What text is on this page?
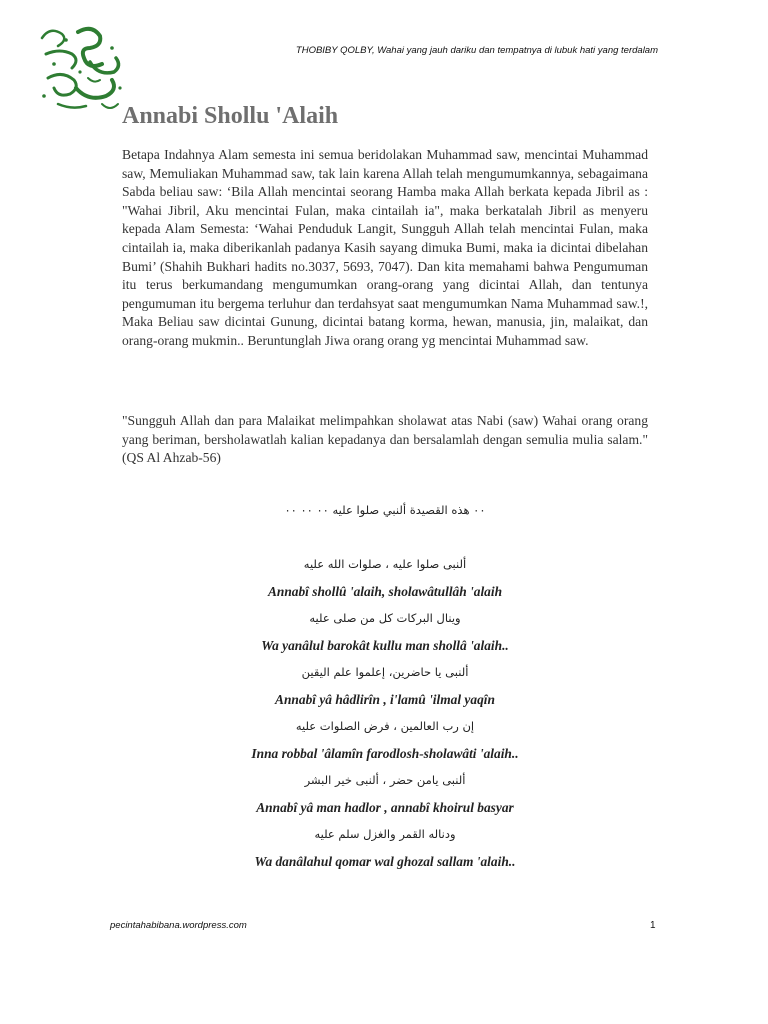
THOBIBY QOLBY, Wahai yang jauh dariku dan tempatnya di lubuk hati yang terdalam
Annabi Shollu 'Alaih
Betapa Indahnya Alam semesta ini semua beridolakan Muhammad saw, mencintai Muhammad saw, Memuliakan Muhammad saw, tak lain karena Allah telah mengumumkannya, sebagaimana Sabda beliau saw: ‘Bila Allah mencintai seorang Hamba maka Allah berkata kepada Jibril as : "Wahai Jibril, Aku mencintai Fulan, maka cintailah ia", maka berkatalah Jibril as menyeru kepada Alam Semesta: ‘Wahai Penduduk Langit, Sungguh Allah telah mencintai Fulan, maka cintailah ia, maka diberikanlah padanya Kasih sayang dimuka Bumi, maka ia dicintai dibelahan Bumi’ (Shahih Bukhari hadits no.3037, 5693, 7047). Dan kita memahami bahwa Pengumuman itu terus berkumandang mengumumkan orang-orang yang dicintai Allah, dan tentunya pengumuman itu bergema terluhur dan terdahsyat saat mengumumkan Nama Muhammad saw.!, Maka Beliau saw dicintai Gunung, dicintai batang korma, hewan, manusia, jin, malaikat, dan orang-orang mukmin.. Beruntunglah Jiwa orang orang yg mencintai Muhammad saw.
"Sungguh Allah dan para Malaikat melimpahkan sholawat atas Nabi (saw) Wahai orang orang yang beriman, bersholawatlah kalian kepadanya dan bersalamlah dengan semulia mulia salam." (QS Al Ahzab-56)
٠٠ هذه القصيدة ألنبي صلوا عليه ٠٠ ٠٠ ٠٠
ألنبى صلوا عليه ، صلوات الله عليه
Annabî shollû 'alaih, sholawâtullâh 'alaih
وينال البركات كل من صلى عليه
Wa yanâlul barokât kullu man shollâ 'alaih..
ألنبى يا حاضرين، إعلموا علم اليقين
Annabî yâ hâdlirîn , i'lamû 'ilmal yaqîn
إن رب العالمين ، فرض الصلوات عليه
Inna robbal 'âlamîn farodlosh-sholawâti 'alaih..
ألنبى يامن حضر ، ألنبى خير البشر
Annabî yâ man hadlor , annabî khoirul basyar
ودناله القمر والغزل سلم عليه
Wa danâlahul qomar wal ghozal sallam 'alaih..
pecintahabibana.wordpress.com	1
